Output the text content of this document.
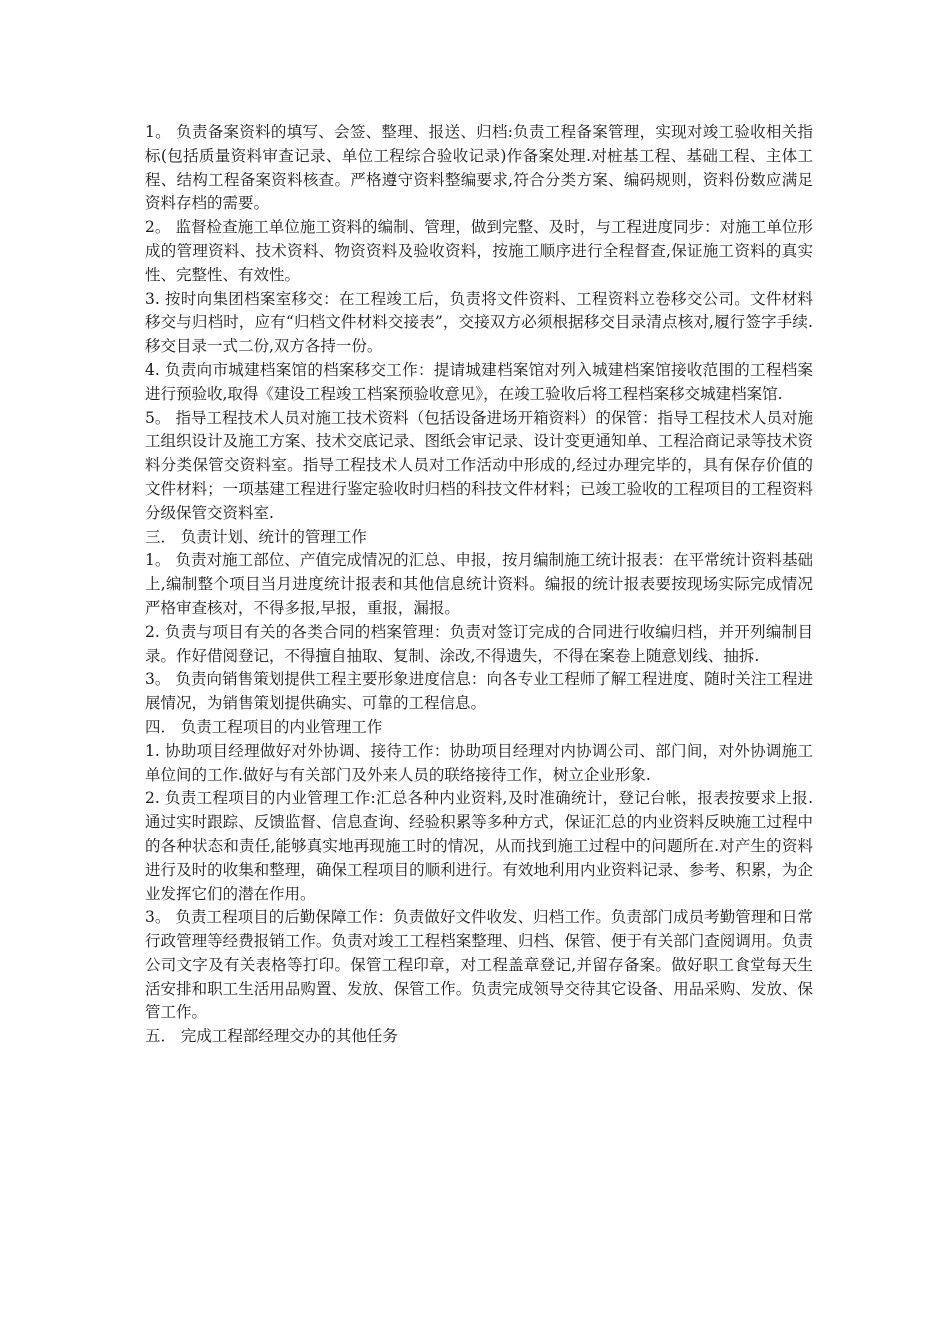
1。 负责备案资料的填写、会签、整理、报送、归档:负责工程备案管理，实现对竣工验收相关指标(包括质量资料审查记录、单位工程综合验收记录)作备案处理.对桩基工程、基础工程、主体工程、结构工程备案资料核查。严格遵守资料整编要求,符合分类方案、编码规则，资料份数应满足资料存档的需要。

2。 监督检查施工单位施工资料的编制、管理，做到完整、及时，与工程进度同步：对施工单位形成的管理资料、技术资料、物资资料及验收资料，按施工顺序进行全程督查,保证施工资料的真实性、完整性、有效性。

3. 按时向集团档案室移交：在工程竣工后，负责将文件资料、工程资料立卷移交公司。文件材料移交与归档时，应有“归档文件材料交接表”，交接双方必须根据移交目录清点核对,履行签字手续.移交目录一式二份,双方各持一份。

4. 负责向市城建档案馆的档案移交工作：提请城建档案馆对列入城建档案馆接收范围的工程档案进行预验收,取得《建设工程竣工档案预验收意见》，在竣工验收后将工程档案移交城建档案馆.

5。 指导工程技术人员对施工技术资料（包括设备进场开箱资料）的保管：指导工程技术人员对施工组织设计及施工方案、技术交底记录、图纸会审记录、设计变更通知单、工程洽商记录等技术资料分类保管交资料室。指导工程技术人员对工作活动中形成的,经过办理完毕的，具有保存价值的文件材料；一项基建工程进行鉴定验收时归档的科技文件材料；已竣工验收的工程项目的工程资料分级保管交资料室.

三． 负责计划、统计的管理工作

1。 负责对施工部位、产值完成情况的汇总、申报，按月编制施工统计报表：在平常统计资料基础上,编制整个项目当月进度统计报表和其他信息统计资料。编报的统计报表要按现场实际完成情况严格审查核对，不得多报,早报，重报，漏报。

2. 负责与项目有关的各类合同的档案管理：负责对签订完成的合同进行收编归档，并开列编制目录。作好借阅登记，不得擅自抽取、复制、涂改,不得遗失，不得在案卷上随意划线、抽拆.

3。 负责向销售策划提供工程主要形象进度信息：向各专业工程师了解工程进度、随时关注工程进展情况，为销售策划提供确实、可靠的工程信息。

四． 负责工程项目的内业管理工作

1. 协助项目经理做好对外协调、接待工作：协助项目经理对内协调公司、部门间，对外协调施工单位间的工作.做好与有关部门及外来人员的联络接待工作，树立企业形象.

2. 负责工程项目的内业管理工作:汇总各种内业资料,及时准确统计，登记台帐，报表按要求上报.通过实时跟踪、反馈监督、信息查询、经验积累等多种方式，保证汇总的内业资料反映施工过程中的各种状态和责任,能够真实地再现施工时的情况，从而找到施工过程中的问题所在.对产生的资料进行及时的收集和整理，确保工程项目的顺利进行。有效地利用内业资料记录、参考、积累，为企业发挥它们的潜在作用。

3。 负责工程项目的后勤保障工作：负责做好文件收发、归档工作。负责部门成员考勤管理和日常行政管理等经费报销工作。负责对竣工工程档案整理、归档、保管、便于有关部门查阅调用。负责公司文字及有关表格等打印。保管工程印章，对工程盖章登记,并留存备案。做好职工食堂每天生活安排和职工生活用品购置、发放、保管工作。负责完成领导交待其它设备、用品采购、发放、保管工作。

五． 完成工程部经理交办的其他任务
